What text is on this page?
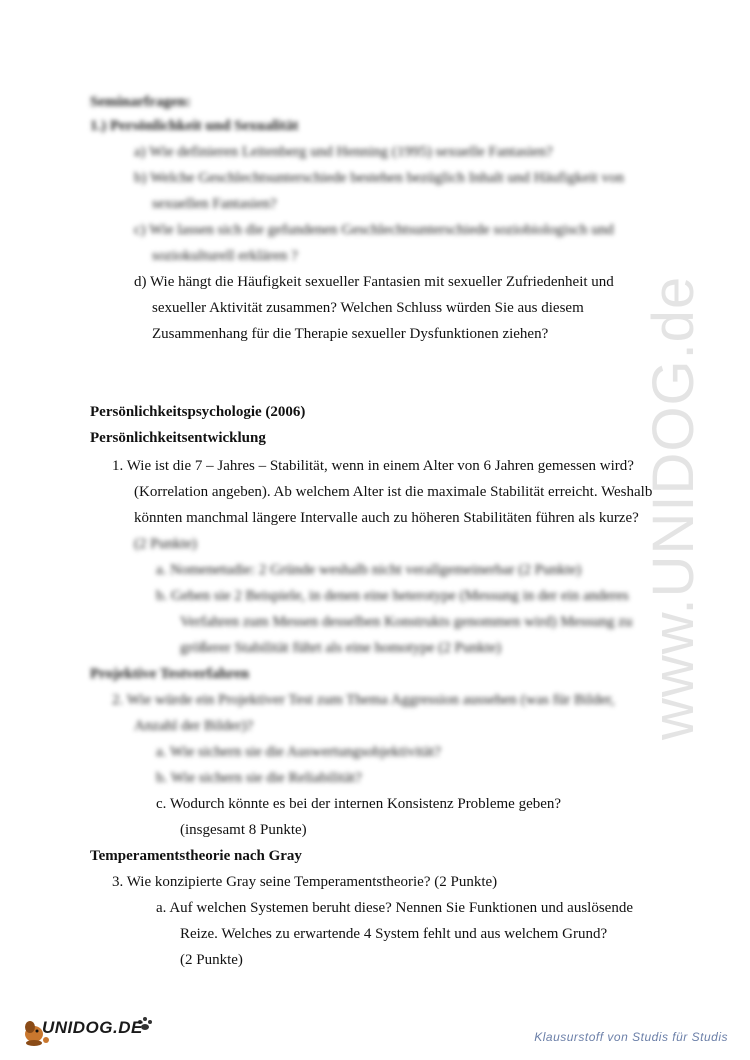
www.UNIDOG.de
Seminarfragen:
1.) Persönlichkeit und Sexualität
a) Wie definieren Leitenberg und Henning (1995) sexuelle Fantasien?
b) Welche Geschlechtsunterschiede bestehen bezüglich Inhalt und Häufigkeit von
sexuellen Fantasien?
c) Wie lassen sich die gefundenen Geschlechtsunterschiede soziobiologisch und
soziokulturell erklären ?
d) Wie hängt die Häufigkeit sexueller Fantasien mit sexueller Zufriedenheit und
sexueller Aktivität zusammen? Welchen Schluss würden Sie aus diesem
Zusammenhang für die Therapie sexueller Dysfunktionen ziehen?
Persönlichkeitspsychologie (2006)
Persönlichkeitsentwicklung
1. Wie ist die 7 – Jahres – Stabilität, wenn in einem Alter von 6 Jahren gemessen wird?
(Korrelation angeben). Ab welchem Alter ist die maximale Stabilität erreicht. Weshalb
könnten manchmal längere Intervalle auch zu höheren Stabilitäten führen als kurze?
(2 Punkte)
a. Nomenetudie: 2 Gründe weshalb nicht verallgemeinerbar (2 Punkte)
b. Geben sie 2 Beispiele, in denen eine heterotype (Messung in der ein anderes
Verfahren zum Messen desselben Konstrukts genommen wird) Messung zu
größerer Stabilität führt als eine homotype (2 Punkte)
Projektive Testverfahren
2. Wie würde ein Projektiver Test zum Thema Aggression aussehen (was für Bilder,
Anzahl der Bilder)?
a. Wie sichern sie die Auswertungsobjektivität?
b. Wie sichern sie die Reliabilität?
c. Wodurch könnte es bei der internen Konsistenz Probleme geben?
(insgesamt 8 Punkte)
Temperamentstheorie nach Gray
3. Wie konzipierte Gray seine Temperamentstheorie? (2 Punkte)
a. Auf welchen Systemen beruht diese? Nennen Sie Funktionen und auslösende
Reize. Welches zu erwartende 4 System fehlt und aus welchem Grund?
(2 Punkte)
UNIDOG.DE	Klausurstoff von Studis für Studis
